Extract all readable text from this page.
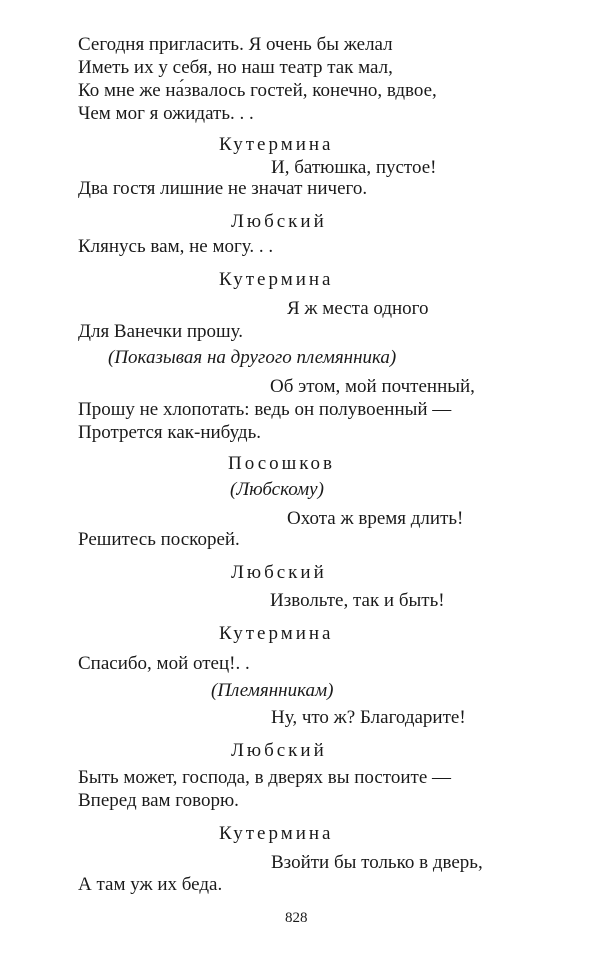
Сегодня пригласить. Я очень бы желал
Иметь их у себя, но наш театр так мал,
Ко мне же на́звалось гостей, конечно, вдвое,
Чем мог я ожидать. . .
Кутермина
И, батюшка, пустое!
Два гостя лишние не значат ничего.
Любский
Клянусь вам, не могу. . .
Кутермина
Я ж места одного
Для Ванечки прошу.
(Показывая на другого племянника)
Об этом, мой почтенный,
Прошу не хлопотать: ведь он полувоенный —
Протрется как-нибудь.
Посошков
(Любскому)
Охота ж время длить!
Решитесь поскорей.
Любский
Извольте, так и быть!
Кутермина
Спасибо, мой отец!. .
(Племянникам)
Ну, что ж? Благодарите!
Любский
Быть может, господа, в дверях вы постоите —
Вперед вам говорю.
Кутермина
Взойти бы только в дверь,
А там уж их беда.
828
